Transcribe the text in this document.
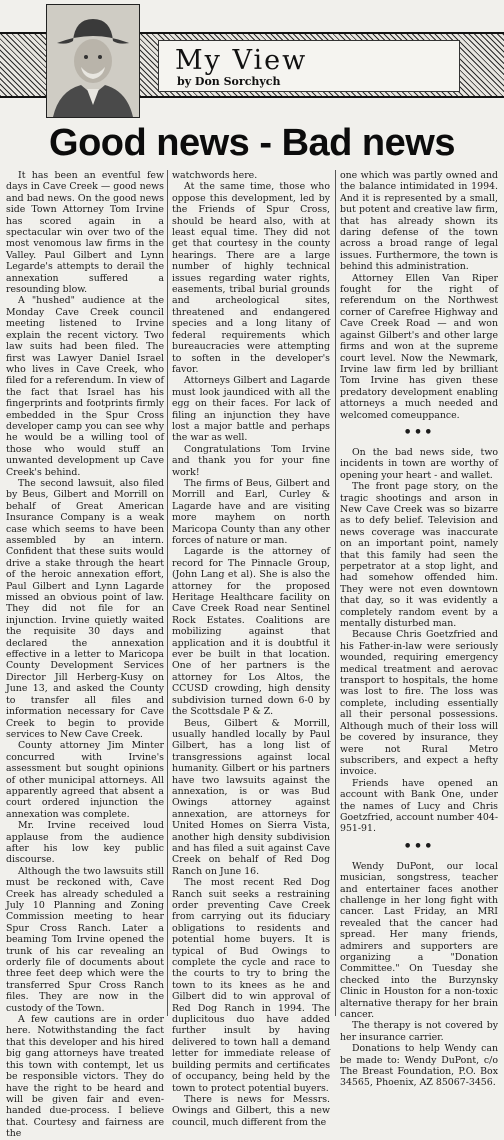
My View
by Don Sorchych
Good news - Bad news

It has been an eventful few days in Cave Creek — good news and bad news. On the good news side Town Attorney Tom Irvine has scored again in a spectacular win over two of the most venomous law firms in the Valley. Paul Gilbert and Lynn Legarde's attempts to derail the annexation suffered a resounding blow.

A "hushed" audience at the Monday Cave Creek council meeting listened to Irvine explain the recent victory. Two law suits had been filed. The first was Lawyer Daniel Israel who lives in Cave Creek, who filed for a referendum. In view of the fact that Israel has his fingerprints and footprints firmly embedded in the Spur Cross developer camp you can see why he would be a willing tool of those who would stuff an unwanted development up Cave Creek's behind.

The second lawsuit, also filed by Beus, Gilbert and Morrill on behalf of Great American Insurance Company is a weak case which seems to have been assembled by an intern. Confident that these suits would drive a stake through the heart of the heroic annexation effort, Paul Gilbert and Lynn Lagarde missed an obvious point of law. They did not file for an injunction. Irvine quietly waited the requisite 30 days and declared the annexation effective in a letter to Maricopa County Development Services Director Jill Herberg-Kusy on June 13, and asked the County to transfer all files and information necessary for Cave Creek to begin to provide services to New Cave Creek.

County attorney Jim Minter concurred with Irvine's assessment but sought opinions of other municipal attorneys. All apparently agreed that absent a court ordered injunction the annexation was complete.

Mr. Irvine received loud applause from the audience after his low key public discourse.

Although the two lawsuits still must be reckoned with, Cave Creek has already scheduled a July 10 Planning and Zoning Commission meeting to hear Spur Cross Ranch. Later a beaming Tom Irvine opened the trunk of his car revealing an orderly file of documents about three feet deep which were the transferred Spur Cross Ranch files. They are now in the custody of the Town.

A few cautions are in order here. Notwithstanding the fact that this developer and his hired big gang attorneys have treated this town with contempt, let us be responsible victors. They do have the right to be heard and will be given fair and even-handed due-process. I believe that. Courtesy and fairness are the

watchwords here.

At the same time, those who oppose this development, led by the Friends of Spur Cross, should be heard also, with at least equal time. They did not get that courtesy in the county hearings. There are a large number of highly technical issues regarding water rights, easements, tribal burial grounds and archeological sites, threatened and endangered species and a long litany of federal requirements which bureaucracies were attempting to soften in the developer's favor.

Attorneys Gilbert and Lagarde must look jaundiced with all the egg on their faces. For lack of filing an injunction they have lost a major battle and perhaps the war as well.

Congratulations Tom Irvine and thank you for your fine work!

The firms of Beus, Gilbert and Morrill and Earl, Curley & Lagarde have and are visiting more mayhem on north Maricopa County than any other forces of nature or man.

Lagarde is the attorney of record for The Pinnacle Group, (John Lang et al). She is also the attorney for the proposed Heritage Healthcare facility on Cave Creek Road near Sentinel Rock Estates. Coalitions are mobilizing against that application and it is doubtful it ever be built in that location. One of her partners is the attorney for Los Altos, the CCUSD crowding, high density subdivision turned down 6-0 by the Scottsdale P & Z.

Beus, Gilbert & Morrill, usually handled locally by Paul Gilbert, has a long list of transgressions against local humanity. Gilbert or his partners have two lawsuits against the annexation, is or was Bud Owings attorney against annexation, are attorneys for United Homes on Sierra Vista, another high density subdivision and has filed a suit against Cave Creek on behalf of Red Dog Ranch on June 16.

The most recent Red Dog Ranch suit seeks a restraining order preventing Cave Creek from carrying out its fiduciary obligations to residents and potential home buyers. It is typical of Bud Owings to complete the cycle and race to the courts to try to bring the town to its knees as he and Gilbert did to win approval of Red Dog Ranch in 1994. The duplicitous duo have added further insult by having delivered to town hall a demand letter for immediate release of building permits and certificates of occupancy, being held by the town to protect potential buyers.

There is news for Messrs. Owings and Gilbert, this a new council, much different from the

one which was partly owned and the balance intimidated in 1994. And it is represented by a small, but potent and creative law firm, that has already shown its daring defense of the town across a broad range of legal issues. Furthermore, the town is behind this administration.

Attorney Ellen Van Riper fought for the right of referendum on the Northwest corner of Carefree Highway and Cave Creek Road — and won against Gilbert's and other large firms and won at the supreme court level. Now the Newmark, Irvine law firm led by brilliant Tom Irvine has given these predatory development enabling attorneys a much needed and welcomed comeuppance.

•••

On the bad news side, two incidents in town are worthy of opening your heart - and wallet.

The front page story, on the tragic shootings and arson in New Cave Creek was so bizarre as to defy belief. Television and news coverage was inaccurate on an important point, namely that this family had seen the perpetrator at a stop light, and had somehow offended him. They were not even downtown that day, so it was evidently a completely random event by a mentally disturbed man.

Because Chris Goetzfried and his Father-in-law were seriously wounded, requiring emergency medical treatment and aerovac transport to hospitals, the home was lost to fire. The loss was complete, including essentially all their personal possessions. Although much of their loss will be covered by insurance, they were not Rural Metro subscribers, and expect a hefty invoice.

Friends have opened an account with Bank One, under the names of Lucy and Chris Goetzfried, account number 404-951-91.

•••

Wendy DuPont, our local musician, songstress, teacher and entertainer faces another challenge in her long fight with cancer. Last Friday, an MRI revealed that the cancer had spread. Her many friends, admirers and supporters are organizing a "Donation Committee." On Tuesday she checked into the Burzynsky Clinic in Houston for a non-toxic alternative therapy for her brain cancer.

The therapy is not covered by her insurance carrier.

Donations to help Wendy can be made to: Wendy DuPont, c/o The Breast Foundation, P.O. Box 34565, Phoenix, AZ 85067-3456.
